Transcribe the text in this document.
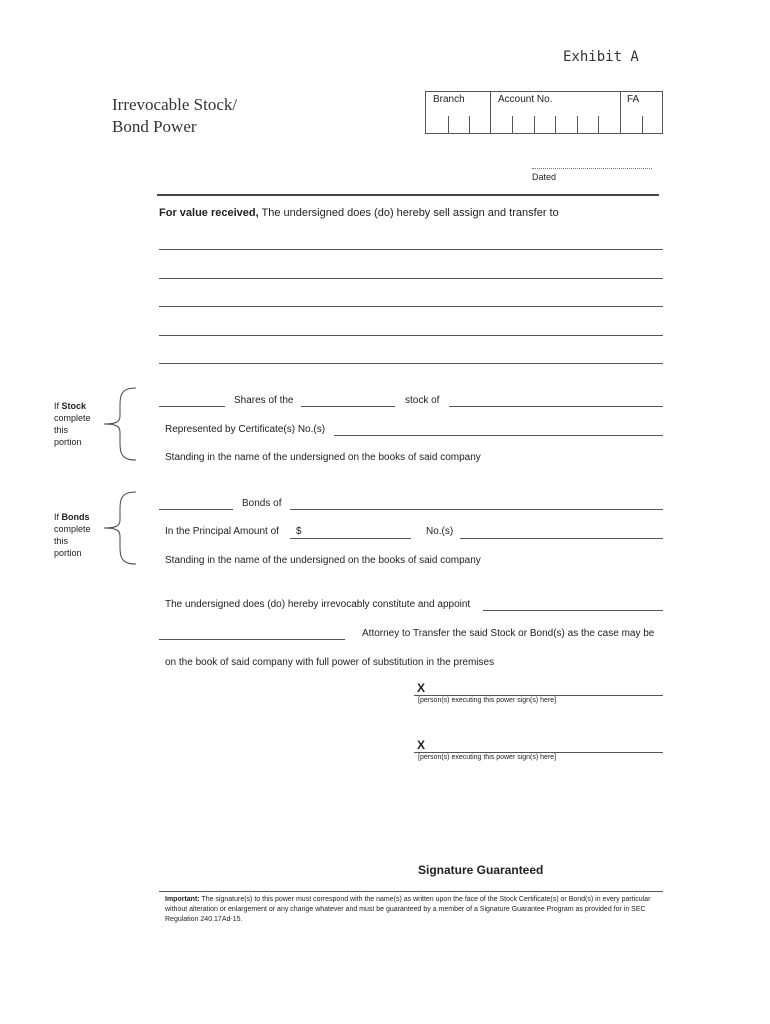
Exhibit A
Irrevocable Stock/
Bond Power
Branch	Account No.	FA
Dated
For value received, The undersigned does (do) hereby sell assign and transfer to
If Stock
complete
this
portion
Shares of the	stock of
Represented by Certificate(s) No.(s)
Standing in the name of the undersigned on the books of said company
If Bonds
complete
this
portion
Bonds of
In the Principal Amount of $	No.(s)
Standing in the name of the undersigned on the books of said company
The undersigned does (do) hereby irrevocably constitute and appoint
Attorney to Transfer the said Stock or Bond(s) as the case may be
on the book of said company with full power of substitution in the premises
X
[person(s) executing this power sign(s) here]
X
[person(s) executing this power sign(s) here]
Signature Guaranteed
Important: The signature(s) to this power must correspond with the name(s) as written upon the face of the Stock Certificate(s) or Bond(s) in every particular without alteration or enlargement or any change whatever and must be guaranteed by a member of a Signature Guarantee Program as provided for in SEC Regulation 240.17Ad-15.
